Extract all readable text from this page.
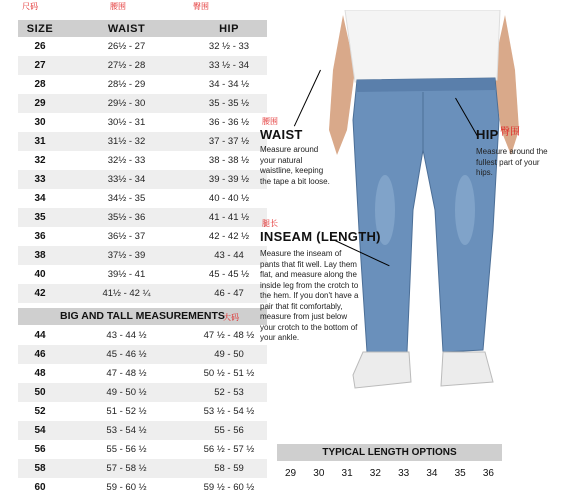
尺码	腰围	臀围
SIZE	WAIST	HIP
26	26½ - 27	32 ½ - 33
27	27½ - 28	33 ½ - 34
28	28½ - 29	34 - 34 ½
29	29½ - 30	35 - 35 ½
30	30½ - 31	36 - 36 ½
31	31½ - 32	37 - 37 ½
32	32½ - 33	38 - 38 ½
33	33½ - 34	39 - 39 ½
34	34½ - 35	40 - 40 ½
35	35½ - 36	41 - 41 ½
36	36½ - 37	42 - 42 ½
38	37½ - 39	43 - 44
40	39½ - 41	45 - 45 ½
42	41½ - 42 ¼	46 - 47
BIG AND TALL MEASUREMENTS
大码
44	43 - 44 ½	47 ½ - 48 ½
46	45 - 46 ½	49 - 50
48	47 - 48 ½	50 ½ - 51 ½
50	49 - 50 ½	52 - 53
52	51 - 52 ½	53 ½ - 54 ½
54	53 - 54 ½	55 - 56
56	55 - 56 ½	56 ½ - 57 ½
58	57 - 58 ½	58 - 59
60	59 - 60 ½	59 ½ - 60 ½
腰围
WAIST
Measure around your natural waistline, keeping the tape a bit loose.
HIP 臀围
Measure around the fullest part of your hips.
腿长
INSEAM (LENGTH)
Measure the inseam of pants that fit well. Lay them flat, and measure along the inside leg from the crotch to the hem. If you don't have a pair that fit comfortably, measure from just below your crotch to the bottom of your ankle.
TYPICAL LENGTH OPTIONS
29 30 31 32 33 34 35 36
